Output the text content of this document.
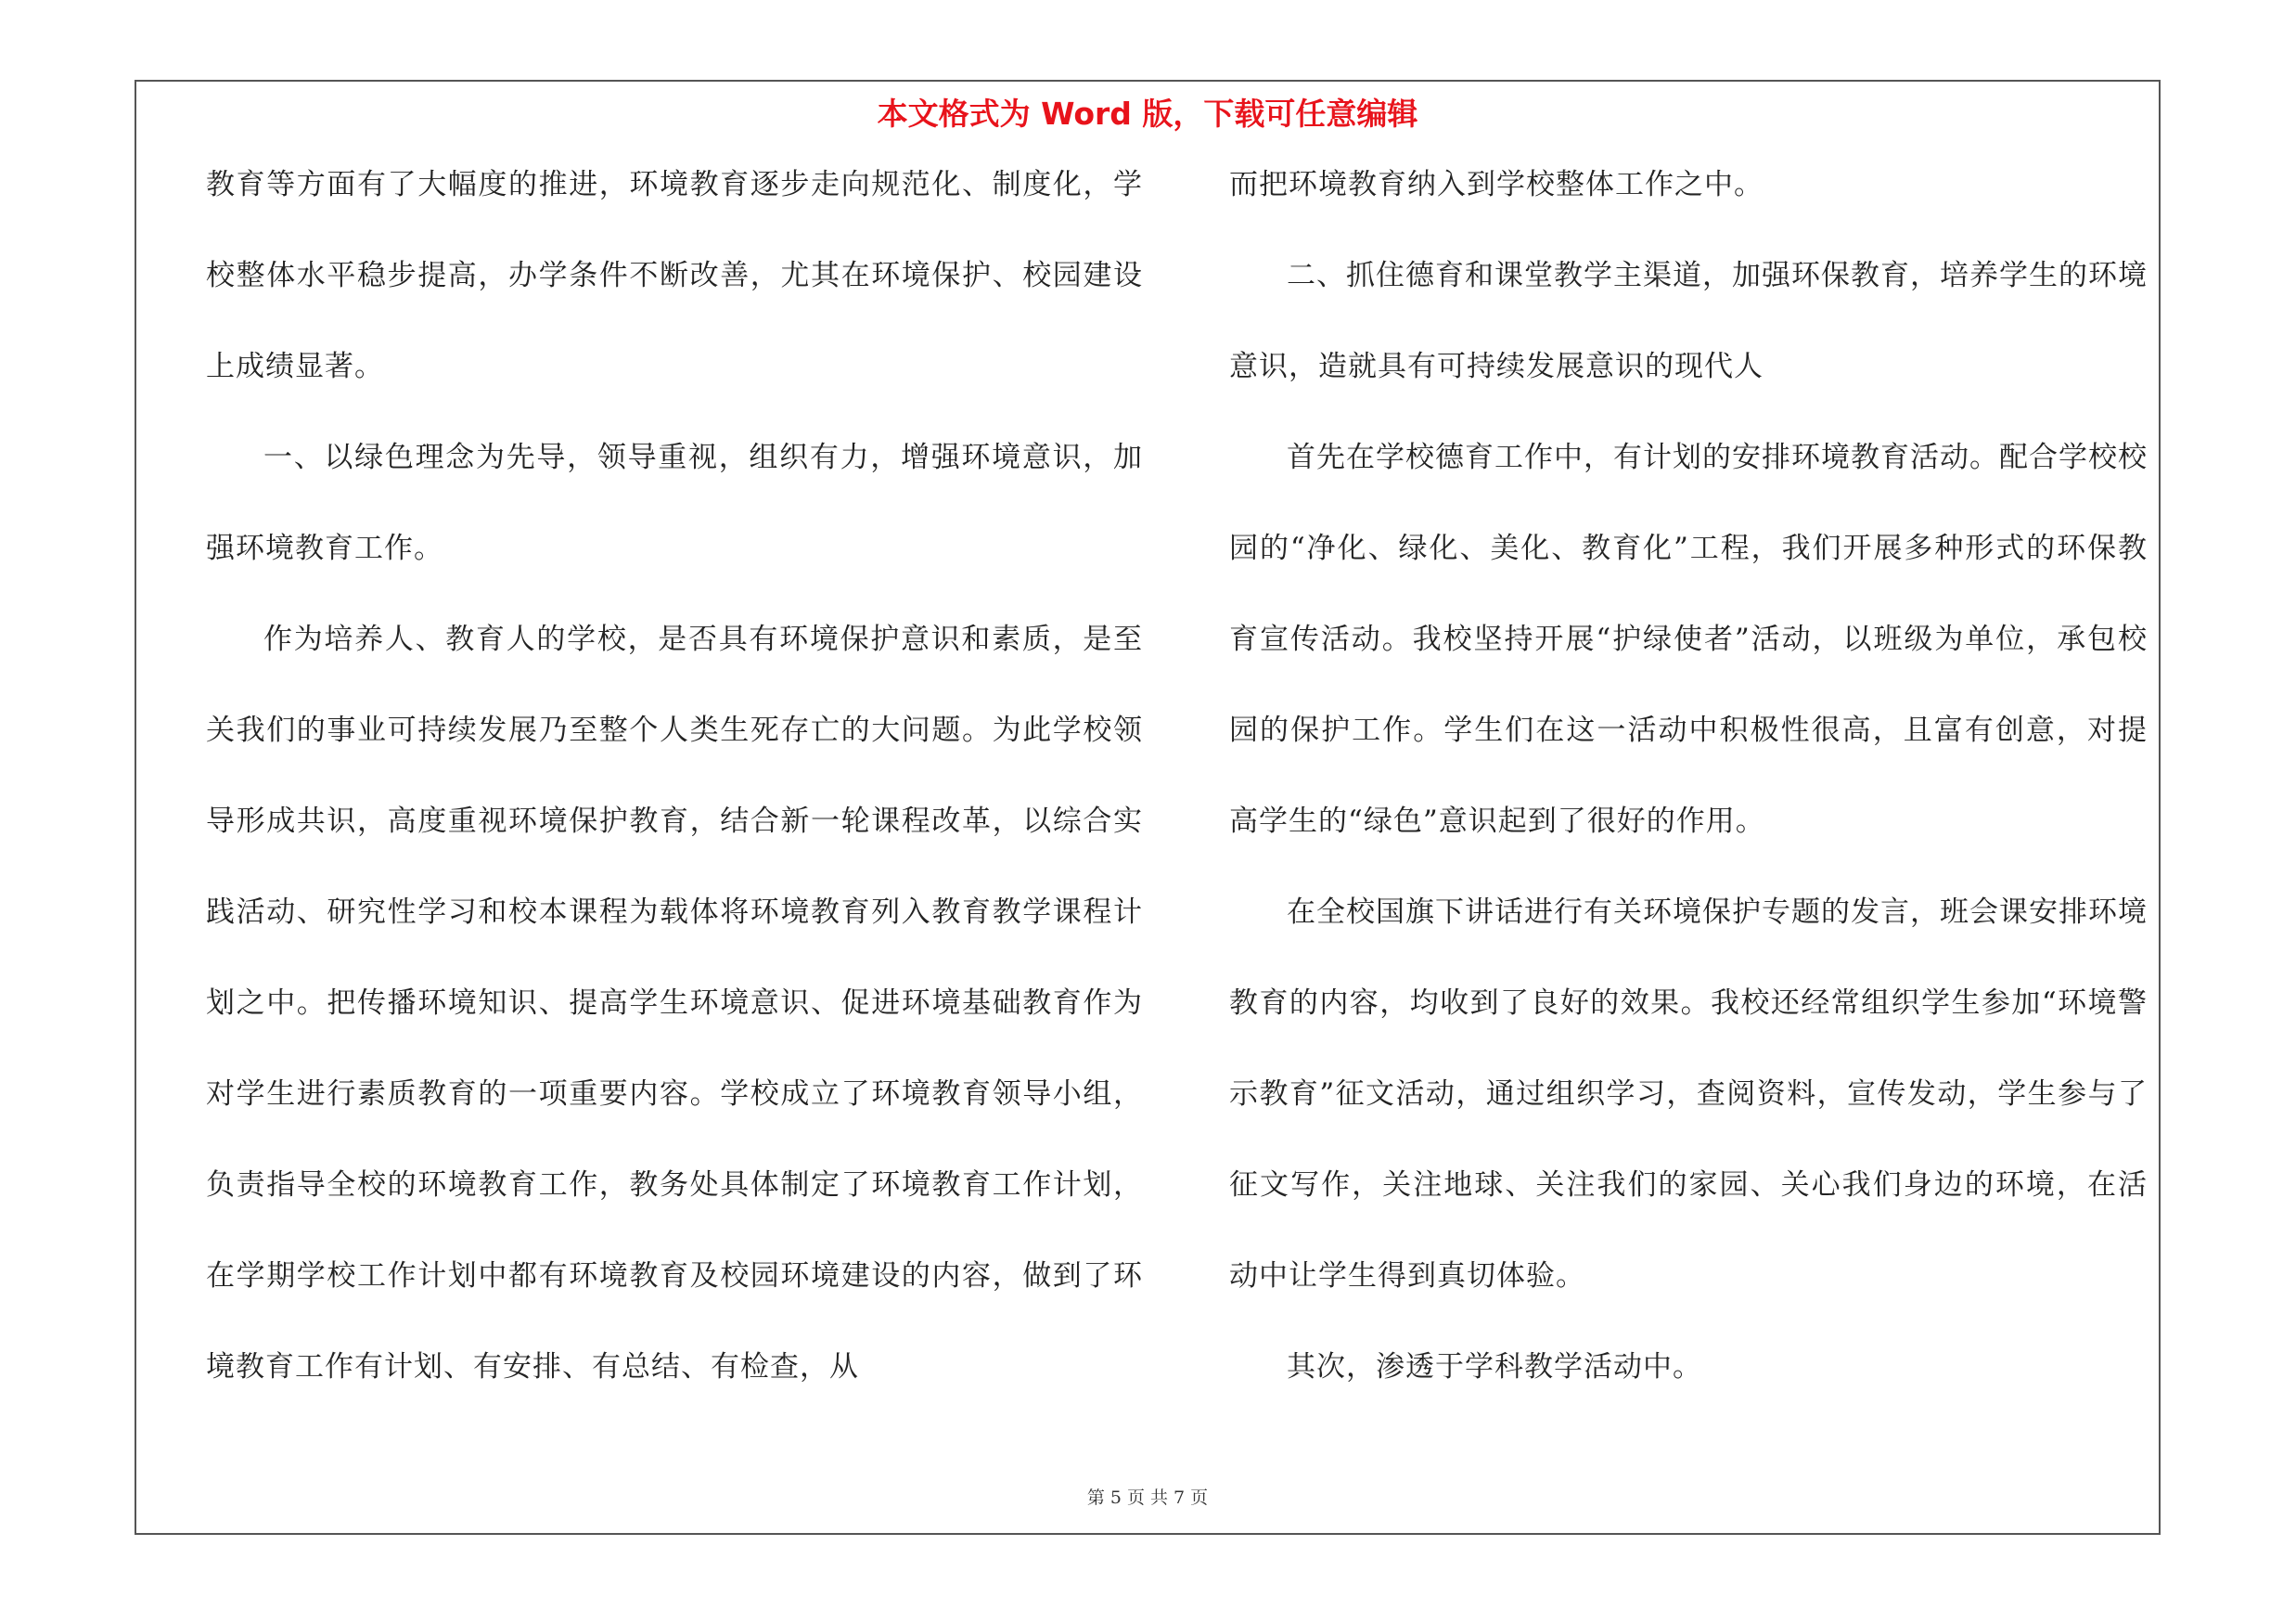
本文格式为 Word 版，下载可任意编辑

教育等方面有了大幅度的推进，环境教育逐步走向规范化、制度化，学校整体水平稳步提高，办学条件不断改善，尤其在环境保护、校园建设上成绩显著。

一、以绿色理念为先导，领导重视，组织有力，增强环境意识，加强环境教育工作。

作为培养人、教育人的学校，是否具有环境保护意识和素质，是至关我们的事业可持续发展乃至整个人类生死存亡的大问题。为此学校领导形成共识，高度重视环境保护教育，结合新一轮课程改革，以综合实践活动、研究性学习和校本课程为载体将环境教育列入教育教学课程计划之中。把传播环境知识、提高学生环境意识、促进环境基础教育作为对学生进行素质教育的一项重要内容。学校成立了环境教育领导小组，负责指导全校的环境教育工作，教务处具体制定了环境教育工作计划，在学期学校工作计划中都有环境教育及校园环境建设的内容，做到了环境教育工作有计划、有安排、有总结、有检查，从

而把环境教育纳入到学校整体工作之中。

二、抓住德育和课堂教学主渠道，加强环保教育，培养学生的环境意识，造就具有可持续发展意识的现代人

首先在学校德育工作中，有计划的安排环境教育活动。配合学校校园的“净化、绿化、美化、教育化”工程，我们开展多种形式的环保教育宣传活动。我校坚持开展“护绿使者”活动，以班级为单位，承包校园的保护工作。学生们在这一活动中积极性很高，且富有创意，对提高学生的“绿色”意识起到了很好的作用。

在全校国旗下讲话进行有关环境保护专题的发言，班会课安排环境教育的内容，均收到了良好的效果。我校还经常组织学生参加“环境警示教育”征文活动，通过组织学习，查阅资料，宣传发动，学生参与了征文写作，关注地球、关注我们的家园、关心我们身边的环境，在活动中让学生得到真切体验。

其次，渗透于学科教学活动中。

第 5 页 共 7 页
